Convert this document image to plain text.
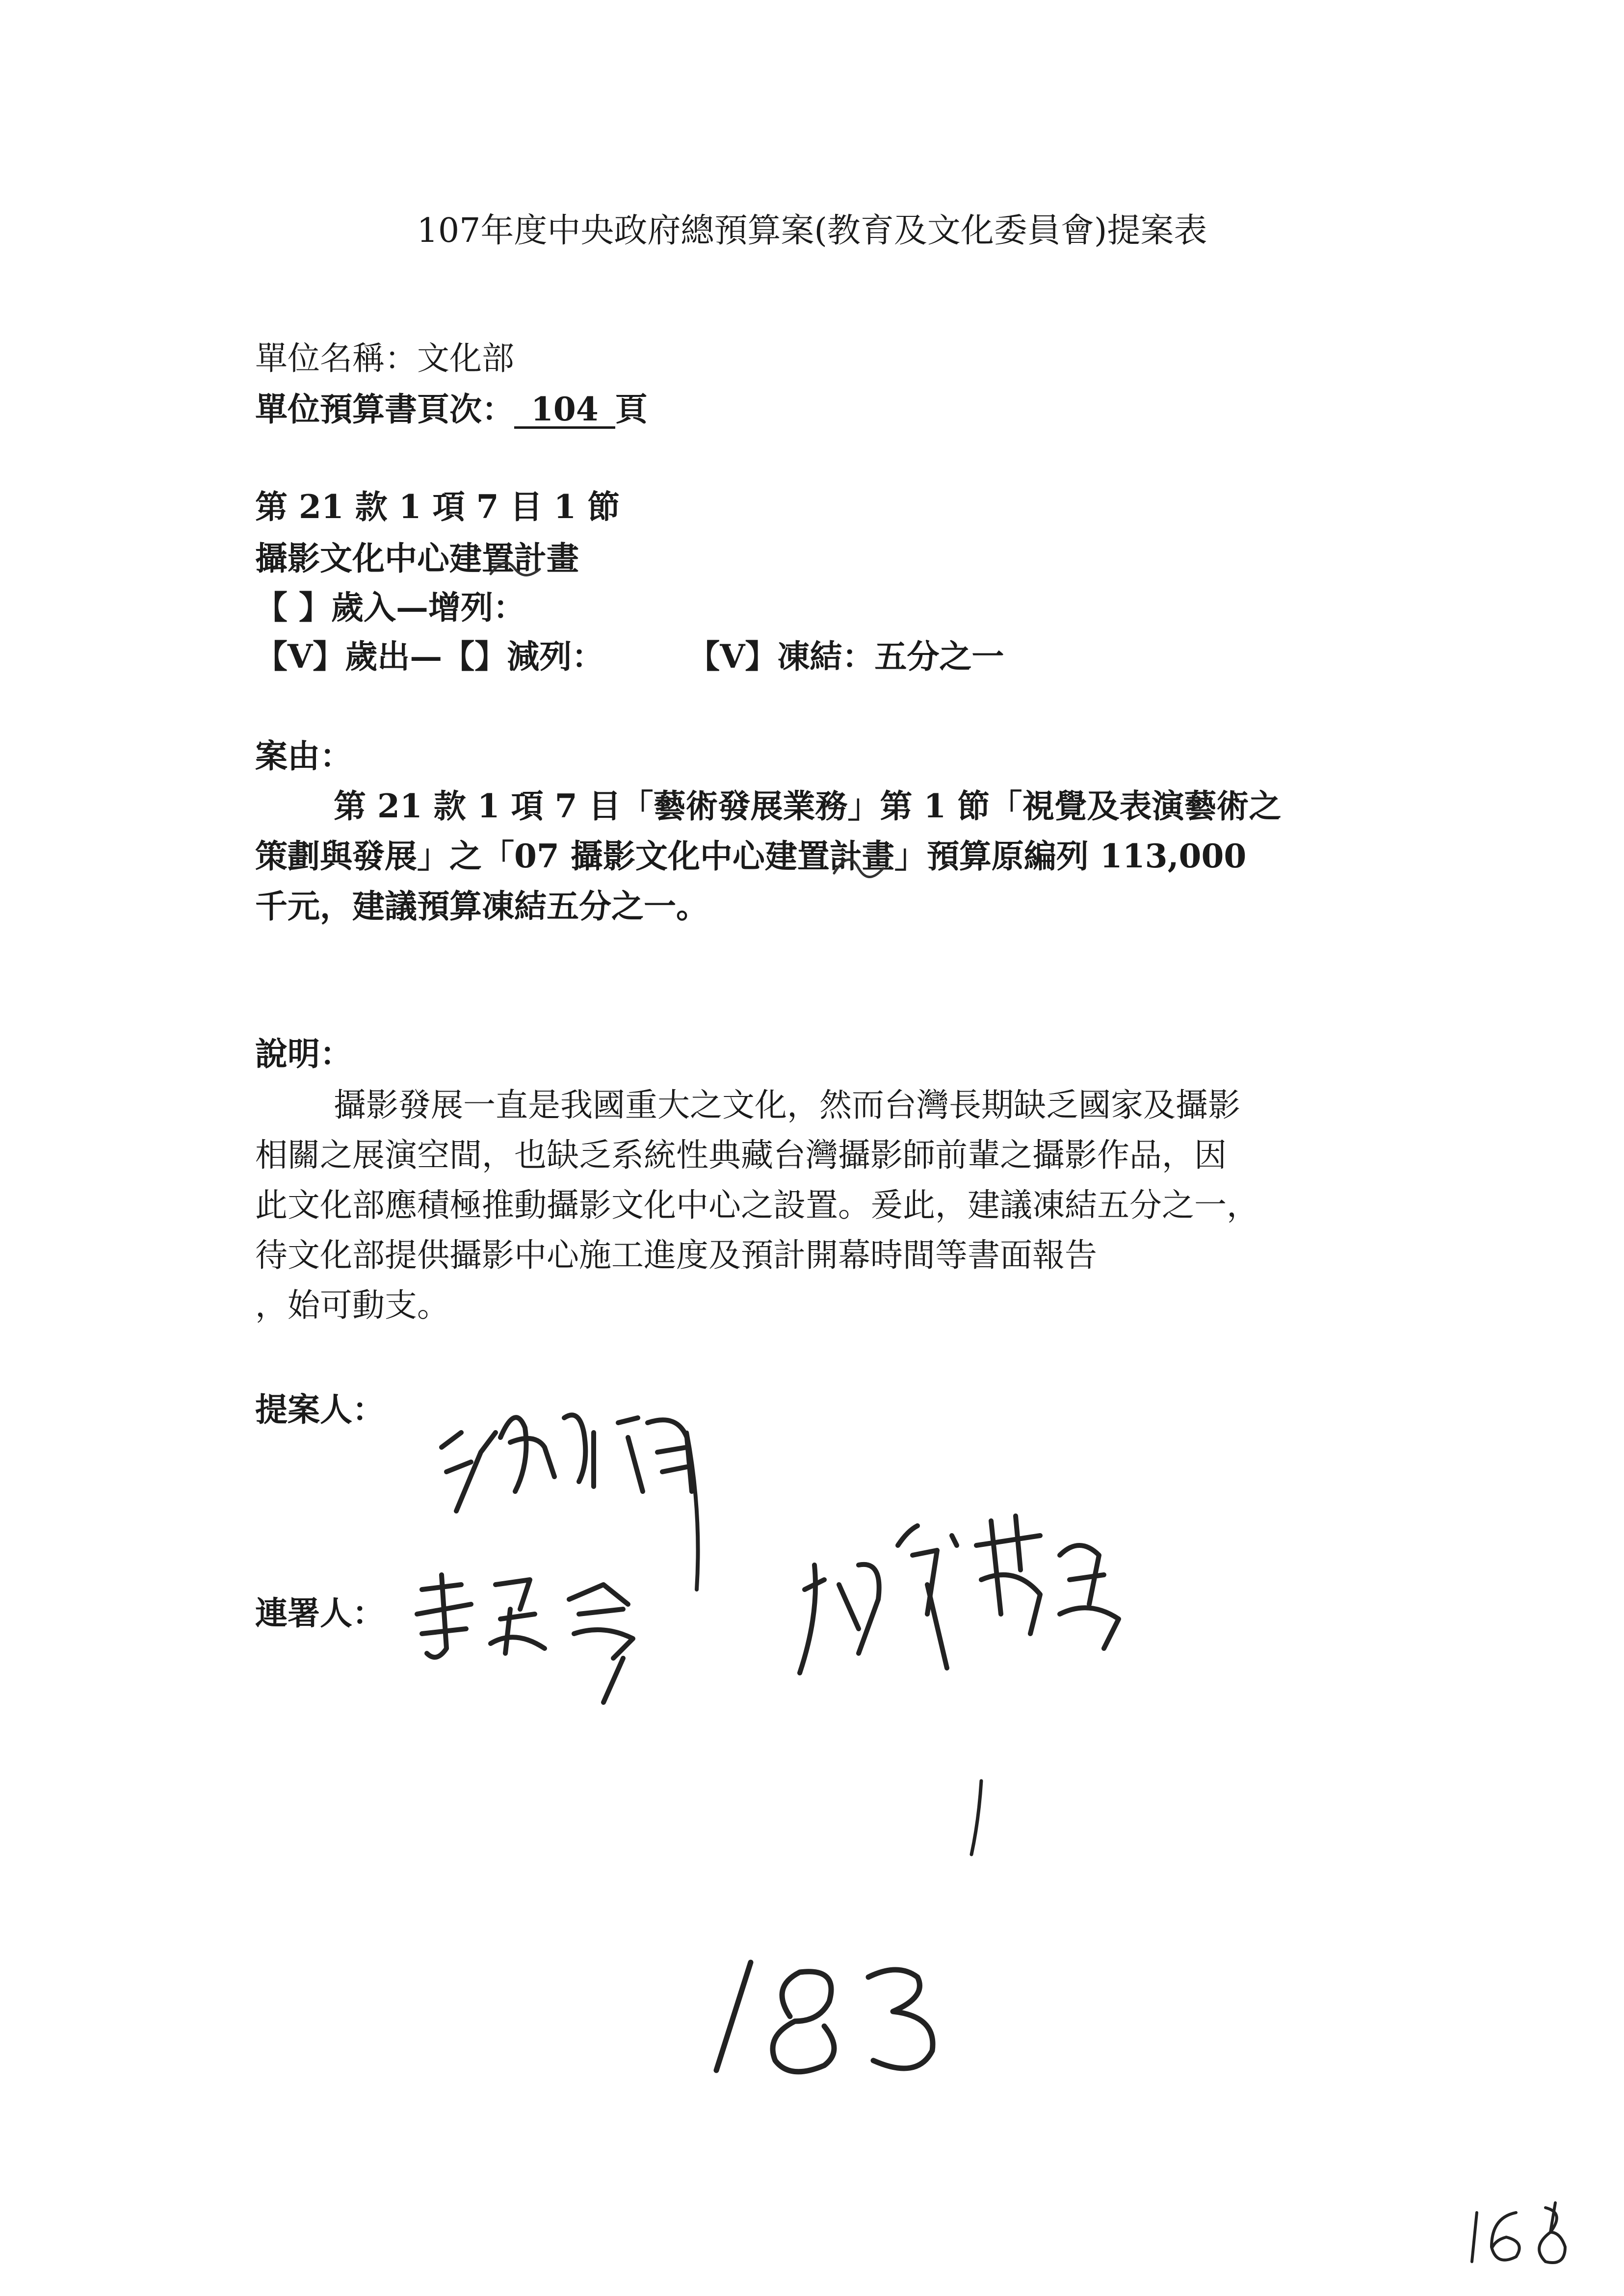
107年度中央政府總預算案(教育及文化委員會)提案表
單位名稱：文化部
單位預算書頁次： 104 頁
第 21 款 1 項 7 目 1 節
攝影文化中心建置計畫
【 】歲入—增列：
【V】歲出—【】減列：	【V】凍結：五分之一
案由：
第 21 款 1 項 7 目「藝術發展業務」第 1 節「視覺及表演藝術之
策劃與發展」之「07 攝影文化中心建置計畫」預算原編列 113,000
千元，建議預算凍結五分之一。
說明：
攝影發展一直是我國重大之文化，然而台灣長期缺乏國家及攝影
相關之展演空間，也缺乏系統性典藏台灣攝影師前輩之攝影作品，因
此文化部應積極推動攝影文化中心之設置。爰此，建議凍結五分之一，
待文化部提供攝影中心施工進度及預計開幕時間等書面報告
，始可動支。
提案人：
連署人：
